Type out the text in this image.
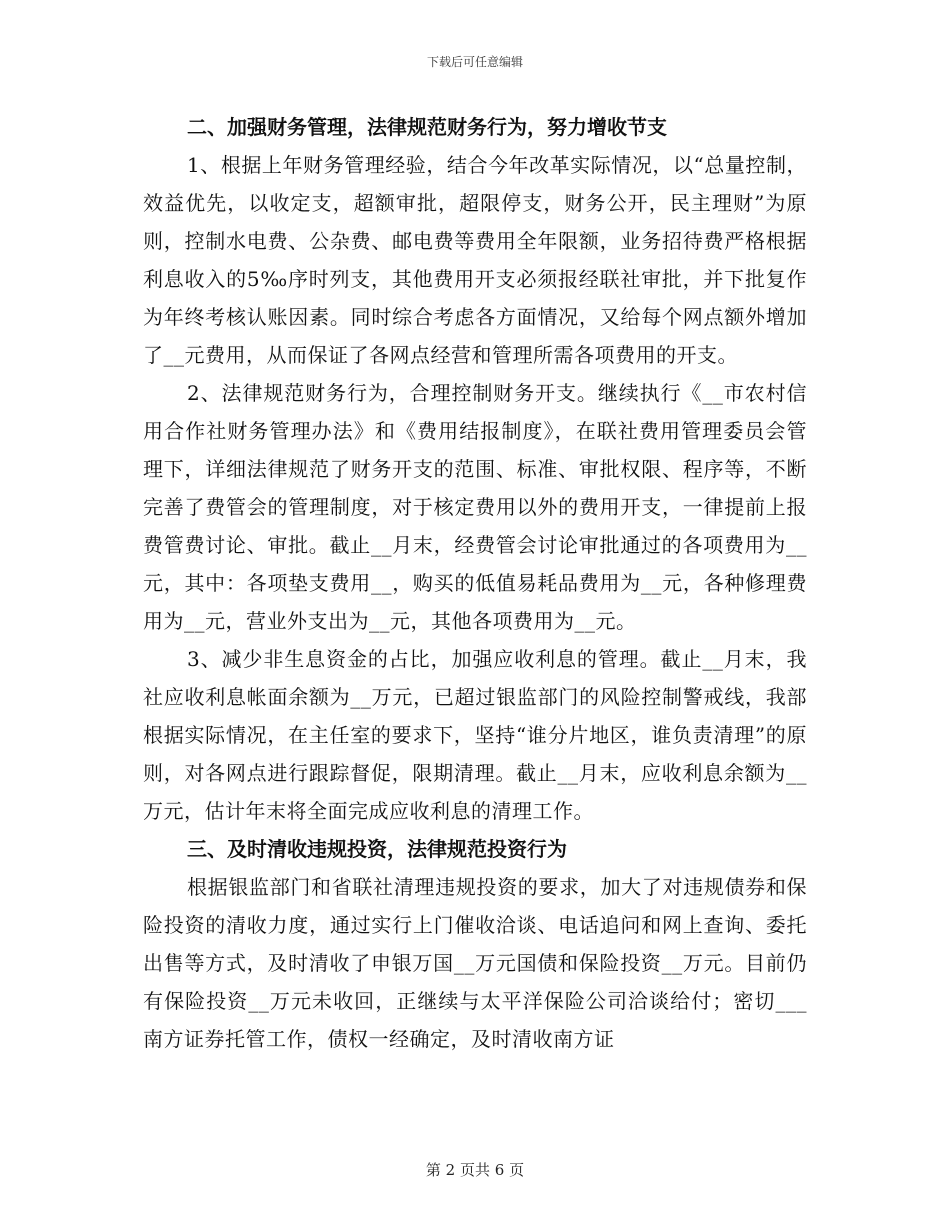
下载后可任意编辑

二、加强财务管理，法律规范财务行为，努力增收节支

1、根据上年财务管理经验，结合今年改革实际情况，以“总量控制，效益优先，以收定支，超额审批，超限停支，财务公开，民主理财”为原则，控制水电费、公杂费、邮电费等费用全年限额，业务招待费严格根据利息收入的5‰序时列支，其他费用开支必须报经联社审批，并下批复作为年终考核认账因素。同时综合考虑各方面情况，又给每个网点额外增加了__元费用，从而保证了各网点经营和管理所需各项费用的开支。

2、法律规范财务行为，合理控制财务开支。继续执行《__市农村信用合作社财务管理办法》和《费用结报制度》，在联社费用管理委员会管理下，详细法律规范了财务开支的范围、标准、审批权限、程序等，不断完善了费管会的管理制度，对于核定费用以外的费用开支，一律提前上报费管费讨论、审批。截止__月末，经费管会讨论审批通过的各项费用为__元，其中：各项垫支费用__，购买的低值易耗品费用为__元，各种修理费用为__元，营业外支出为__元，其他各项费用为__元。

3、减少非生息资金的占比，加强应收利息的管理。截止__月末，我社应收利息帐面余额为__万元，已超过银监部门的风险控制警戒线，我部根据实际情况，在主任室的要求下，坚持“谁分片地区，谁负责清理”的原则，对各网点进行跟踪督促，限期清理。截止__月末，应收利息余额为__万元，估计年末将全面完成应收利息的清理工作。

三、及时清收违规投资，法律规范投资行为

根据银监部门和省联社清理违规投资的要求，加大了对违规债券和保险投资的清收力度，通过实行上门催收洽谈、电话追问和网上查询、委托出售等方式，及时清收了申银万国__万元国债和保险投资__万元。目前仍有保险投资__万元未收回，正继续与太平洋保险公司洽谈给付；密切___南方证券托管工作，债权一经确定，及时清收南方证

第 2 页共 6 页
